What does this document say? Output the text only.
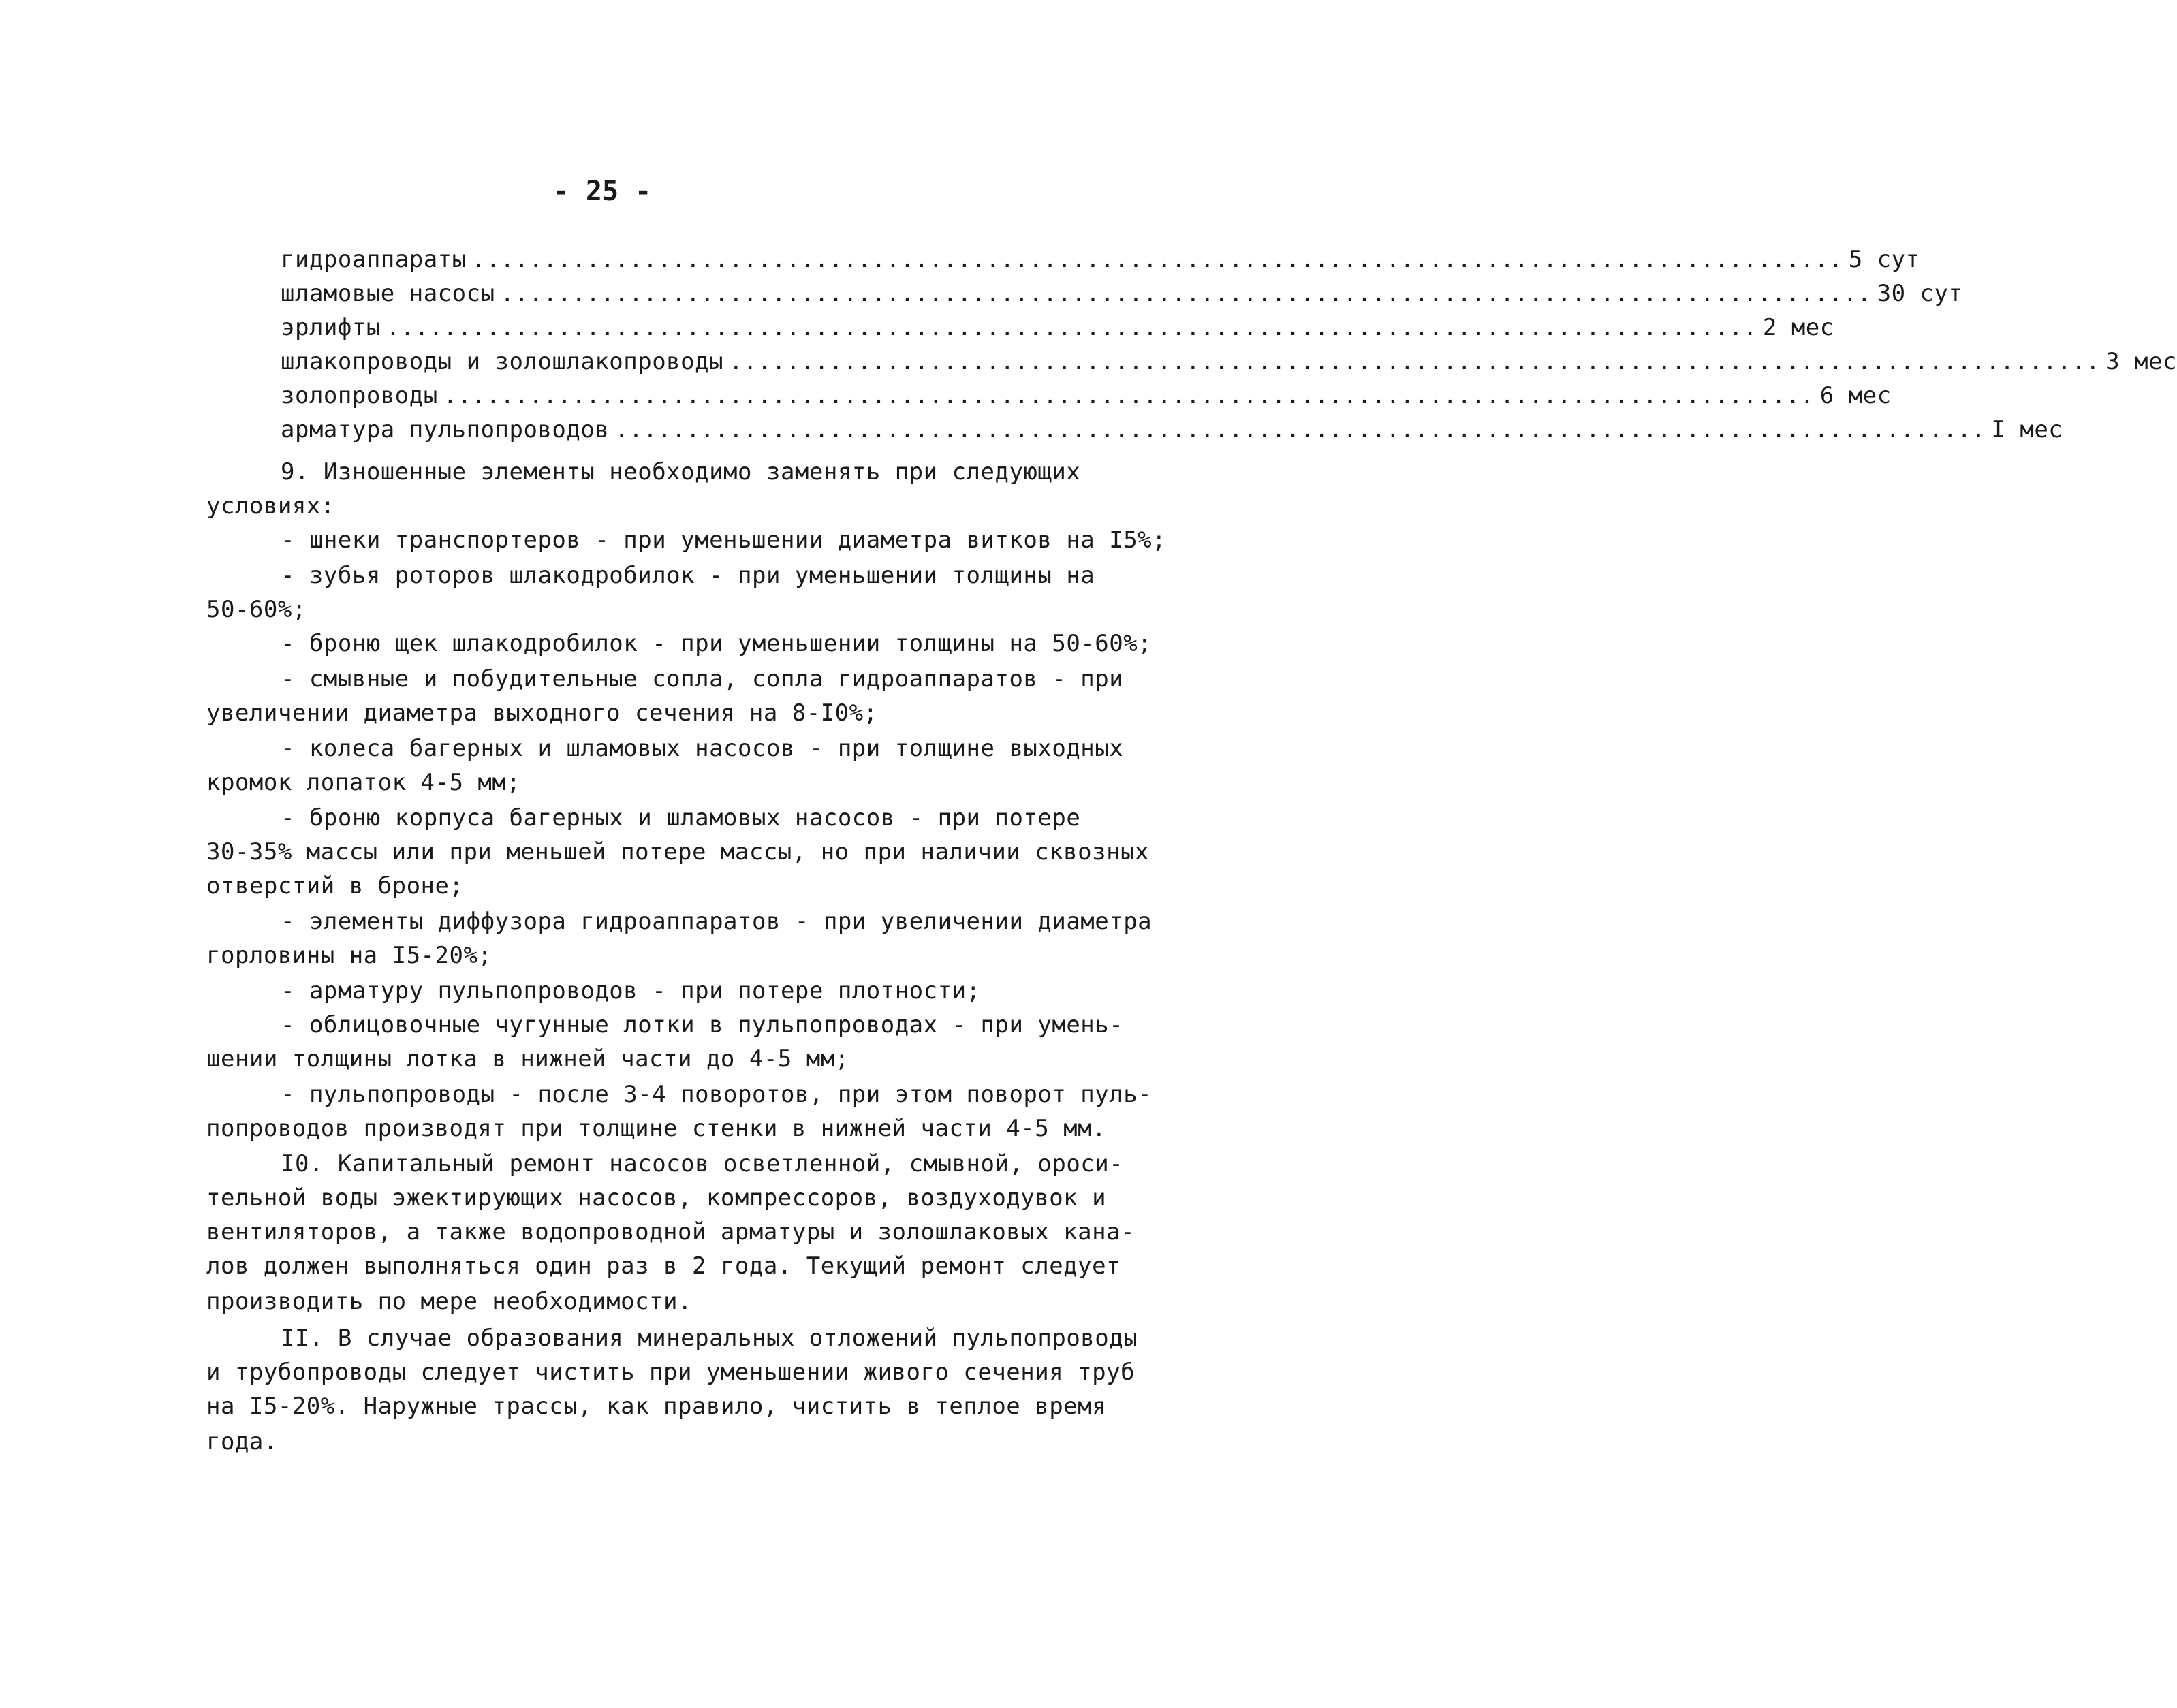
- 25 -
гидроаппараты ................................................................................................ 5 сут
шламовые насосы ................................................................................................ 30 сут
эрлифты ................................................................................................ 2 мес
шлакопроводы и золошлакопроводы ................................................................................................ 3 мес
золопроводы ................................................................................................ 6 мес
арматура пульпопроводов ................................................................................................ I мес

9. Изношенные элементы необходимо заменять при следующих

условиях:

- шнеки транспортеров - при уменьшении диаметра витков на I5%;

- зубья роторов шлакодробилок - при уменьшении толщины на

50-60%;

- броню щек шлакодробилок - при уменьшении толщины на 50-60%;

- смывные и побудительные сопла, сопла гидроаппаратов - при

увеличении диаметра выходного сечения на 8-I0%;

- колеса багерных и шламовых насосов - при толщине выходных

кромок лопаток 4-5 мм;

- броню корпуса багерных и шламовых насосов - при потере

30-35% массы или при меньшей потере массы, но при наличии сквозных

отверстий в броне;

- элементы диффузора гидроаппаратов - при увеличении диаметра

горловины на I5-20%;

- арматуру пульпопроводов - при потере плотности;

- облицовочные чугунные лотки в пульпопроводах - при умень-

шении толщины лотка в нижней части до 4-5 мм;

- пульпопроводы - после 3-4 поворотов, при этом поворот пуль-

попроводов производят при толщине стенки в нижней части 4-5 мм.

I0. Капитальный ремонт насосов осветленной, смывной, ороси-

тельной воды эжектирующих насосов, компрессоров, воздуходувок и

вентиляторов, а также водопроводной арматуры и золошлаковых кана-

лов должен выполняться один раз в 2 года. Текущий ремонт следует

производить по мере необходимости.

II. В случае образования минеральных отложений пульпопроводы

и трубопроводы следует чистить при уменьшении живого сечения труб

на I5-20%. Наружные трассы, как правило, чистить в теплое время

года.
